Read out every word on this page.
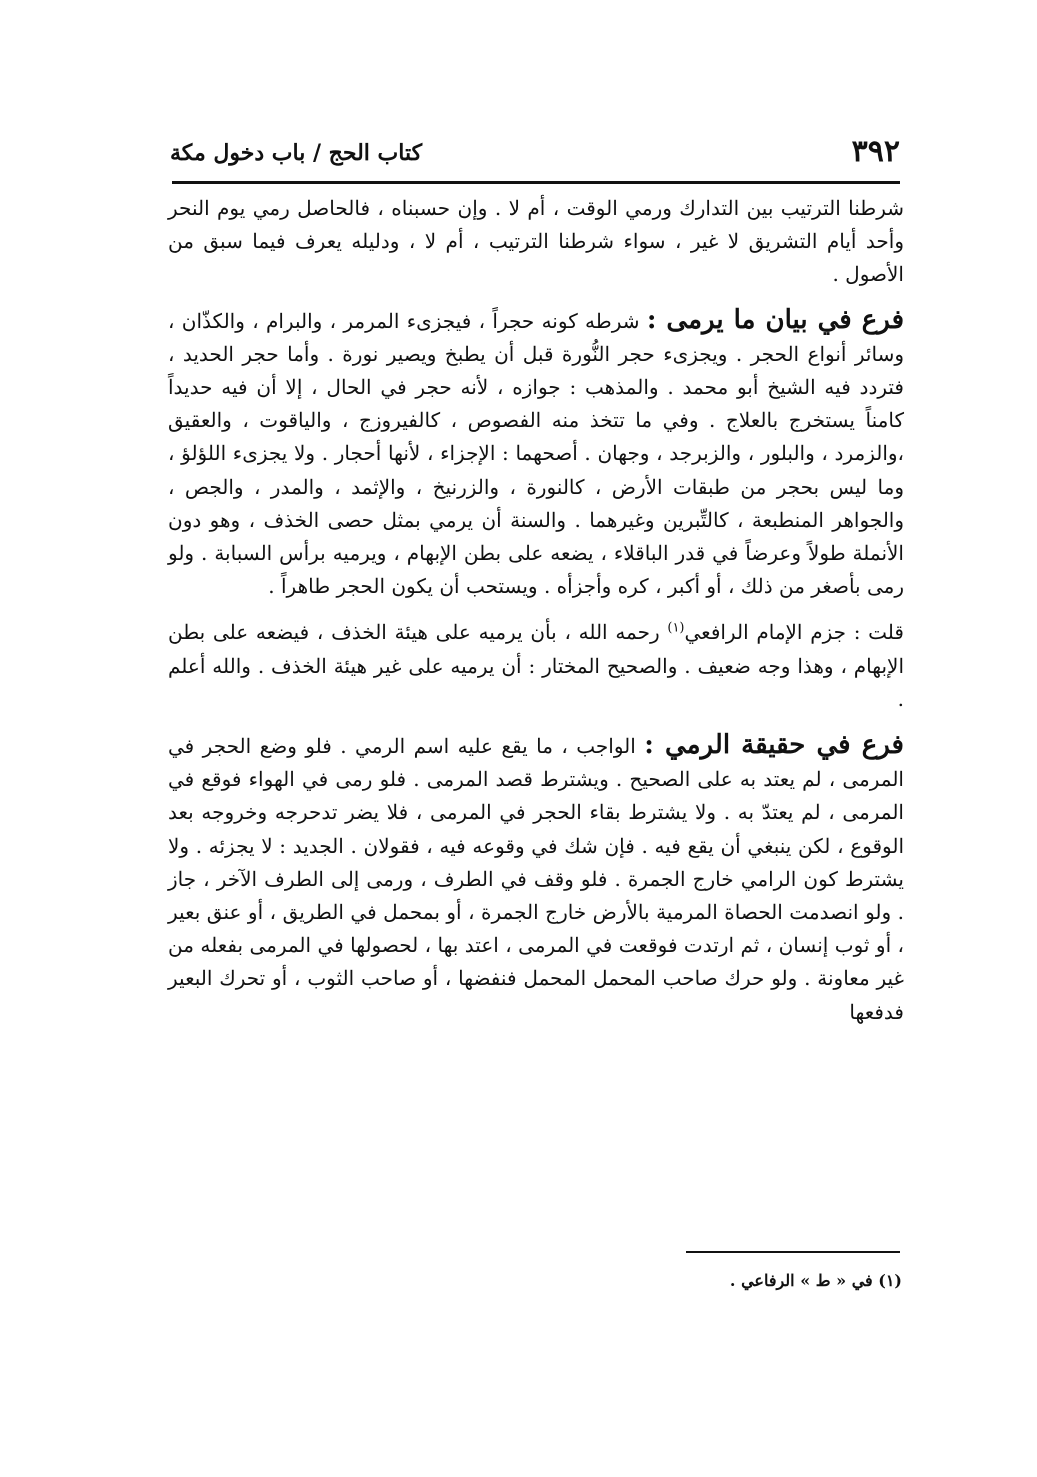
٣٩٢
كتاب الحج / باب دخول مكة

شرطنا الترتيب بين التدارك ورمي الوقت ، أم لا . وإن حسبناه ، فالحاصل رمي يوم النحر وأحد أيام التشريق لا غير ، سواء شرطنا الترتيب ، أم لا ، ودليله يعرف فيما سبق من الأصول .

فرع في بيان ما يرمى : شرطه كونه حجراً ، فيجزىء المرمر ، والبرام ، والكذّان ، وسائر أنواع الحجر . ويجزىء حجر النُّورة قبل أن يطبخ ويصير نورة . وأما حجر الحديد ، فتردد فيه الشيخ أبو محمد . والمذهب : جوازه ، لأنه حجر في الحال ، إلا أن فيه حديداً كامناً يستخرج بالعلاج . وفي ما تتخذ منه الفصوص ، كالفيروزج ، والياقوت ، والعقيق ،والزمرد ، والبلور ، والزبرجد ، وجهان . أصحهما : الإجزاء ، لأنها أحجار . ولا يجزىء اللؤلؤ ، وما ليس بحجر من طبقات الأرض ، كالنورة ، والزرنيخ ، والإثمد ، والمدر ، والجص ، والجواهر المنطبعة ، كالتِّبرين وغيرهما . والسنة أن يرمي بمثل حصى الخذف ، وهو دون الأنملة طولاً وعرضاً في قدر الباقلاء ، يضعه على بطن الإبهام ، ويرميه برأس السبابة . ولو رمى بأصغر من ذلك ، أو أكبر ، كره وأجزأه . ويستحب أن يكون الحجر طاهراً .

قلت : جزم الإمام الرافعي$^{(١)}$ رحمه الله ، بأن يرميه على هيئة الخذف ، فيضعه على بطن الإبهام ، وهذا وجه ضعيف . والصحيح المختار : أن يرميه على غير هيئة الخذف . والله أعلم .

فرع في حقيقة الرمي : الواجب ، ما يقع عليه اسم الرمي . فلو وضع الحجر في المرمى ، لم يعتد به على الصحيح . ويشترط قصد المرمى . فلو رمى في الهواء فوقع في المرمى ، لم يعتدّ به . ولا يشترط بقاء الحجر في المرمى ، فلا يضر تدحرجه وخروجه بعد الوقوع ، لكن ينبغي أن يقع فيه . فإن شك في وقوعه فيه ، فقولان . الجديد : لا يجزئه . ولا يشترط كون الرامي خارج الجمرة . فلو وقف في الطرف ، ورمى إلى الطرف الآخر ، جاز . ولو انصدمت الحصاة المرمية بالأرض خارج الجمرة ، أو بمحمل في الطريق ، أو عنق بعير ، أو ثوب إنسان ، ثم ارتدت فوقعت في المرمى ، اعتد بها ، لحصولها في المرمى بفعله من غير معاونة . ولو حرك صاحب المحمل المحمل فنفضها ، أو صاحب الثوب ، أو تحرك البعير فدفعها

(١) في « ط » الرفاعي .
